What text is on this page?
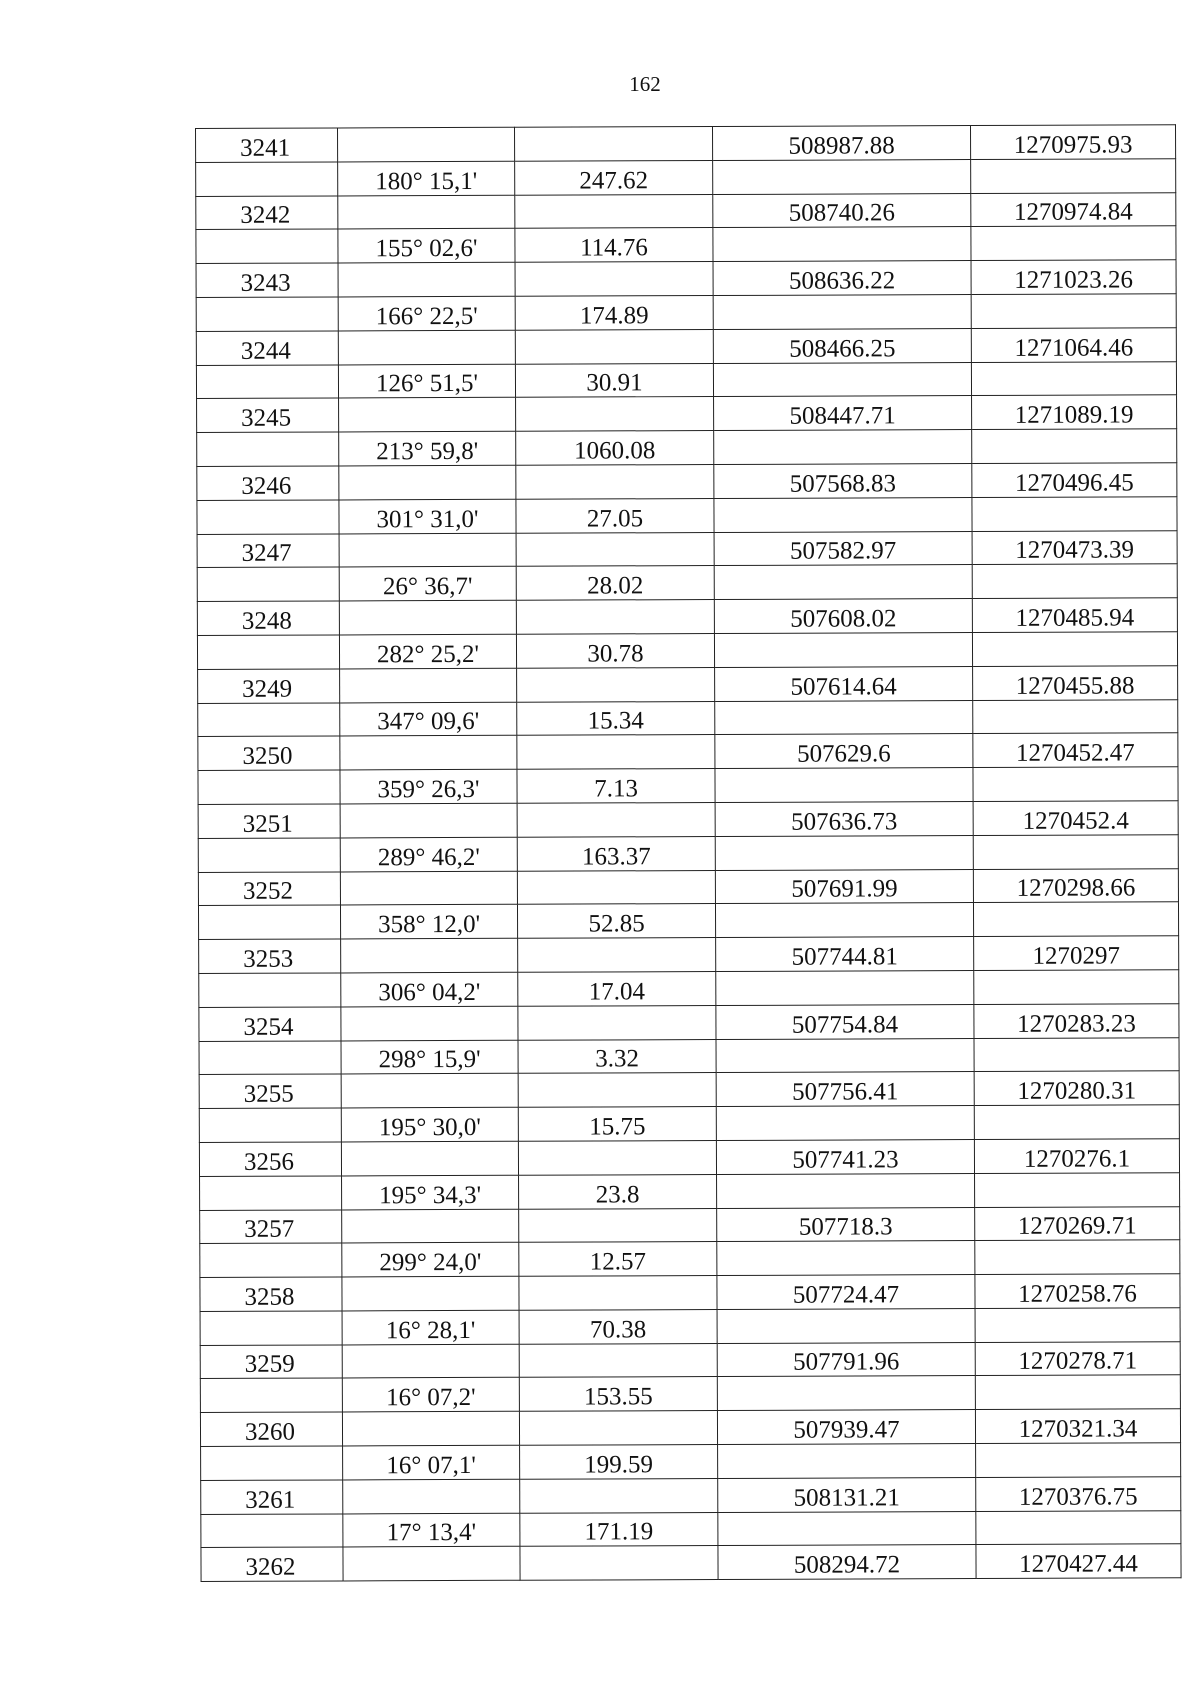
162
3241			508987.88	1270975.93
	180° 15,1'	247.62		
3242			508740.26	1270974.84
	155° 02,6'	114.76		
3243			508636.22	1271023.26
	166° 22,5'	174.89		
3244			508466.25	1271064.46
	126° 51,5'	30.91		
3245			508447.71	1271089.19
	213° 59,8'	1060.08		
3246			507568.83	1270496.45
	301° 31,0'	27.05		
3247			507582.97	1270473.39
	26° 36,7'	28.02		
3248			507608.02	1270485.94
	282° 25,2'	30.78		
3249			507614.64	1270455.88
	347° 09,6'	15.34		
3250			507629.6	1270452.47
	359° 26,3'	7.13		
3251			507636.73	1270452.4
	289° 46,2'	163.37		
3252			507691.99	1270298.66
	358° 12,0'	52.85		
3253			507744.81	1270297
	306° 04,2'	17.04		
3254			507754.84	1270283.23
	298° 15,9'	3.32		
3255			507756.41	1270280.31
	195° 30,0'	15.75		
3256			507741.23	1270276.1
	195° 34,3'	23.8		
3257			507718.3	1270269.71
	299° 24,0'	12.57		
3258			507724.47	1270258.76
	16° 28,1'	70.38		
3259			507791.96	1270278.71
	16° 07,2'	153.55		
3260			507939.47	1270321.34
	16° 07,1'	199.59		
3261			508131.21	1270376.75
	17° 13,4'	171.19		
3262			508294.72	1270427.44
